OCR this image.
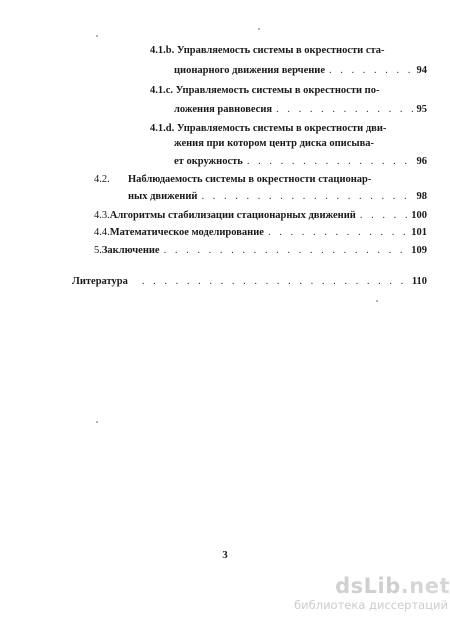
4.1.b.
Управляемость системы в окрестности ста-
ционарного движения верчение . . .	94
4.1.c.
Управляемость системы в окрестности по-
ложения равновесия . . .	95
4.1.d.
Управляемость системы в окрестности дви-
жения при котором центр диска описыва-
ет окружность . . .	96
4.2.	Наблюдаемость системы в окрестности стационар-
ных движений . . .	98
4.3. Алгоритмы стабилизации стационарных движений . . .	100
4.4. Математическое моделирование . . .	101
5. Заключение . . .	109
Литература . . .	110
3
dsLib.net
библиотека диссертаций
